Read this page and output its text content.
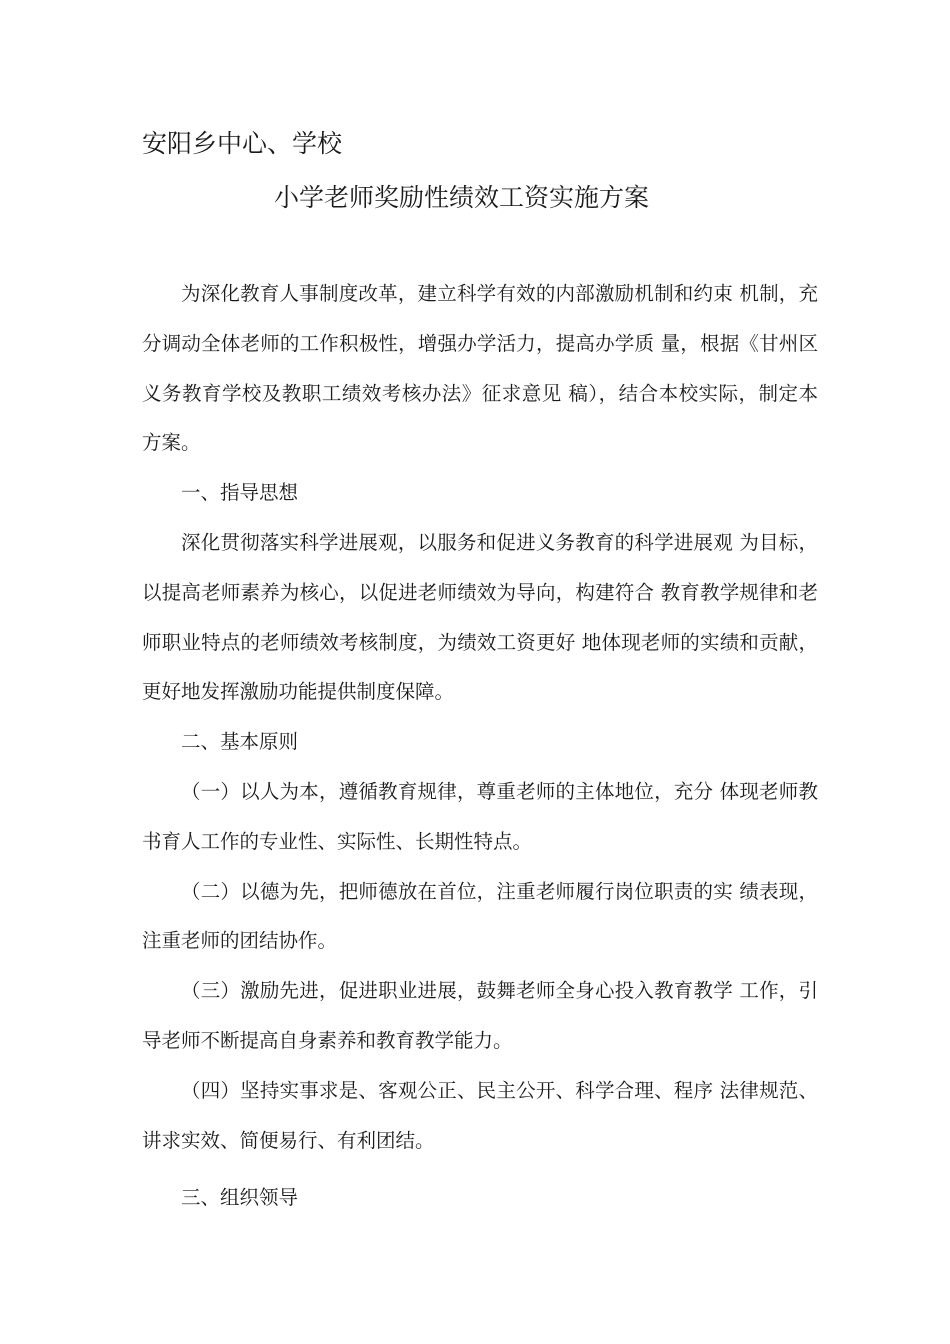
安阳乡中心、学校
小学老师奖励性绩效工资实施方案

为深化教育人事制度改革，建立科学有效的内部激励机制和约束 机制，充分调动全体老师的工作积极性，增强办学活力，提高办学质 量，根据《甘州区义务教育学校及教职工绩效考核办法》征求意见 稿），结合本校实际，制定本方案。

一、指导思想

深化贯彻落实科学进展观，以服务和促进义务教育的科学进展观 为目标，以提高老师素养为核心，以促进老师绩效为导向，构建符合 教育教学规律和老师职业特点的老师绩效考核制度，为绩效工资更好 地体现老师的实绩和贡献，更好地发挥激励功能提供制度保障。

二、基本原则

（一）以人为本，遵循教育规律，尊重老师的主体地位，充分 体现老师教书育人工作的专业性、实际性、长期性特点。

（二）以德为先，把师德放在首位，注重老师履行岗位职责的实 绩表现，注重老师的团结协作。

（三）激励先进，促进职业进展，鼓舞老师全身心投入教育教学 工作，引导老师不断提高自身素养和教育教学能力。

（四）坚持实事求是、客观公正、民主公开、科学合理、程序 法律规范、讲求实效、简便易行、有利团结。

三、组织领导
